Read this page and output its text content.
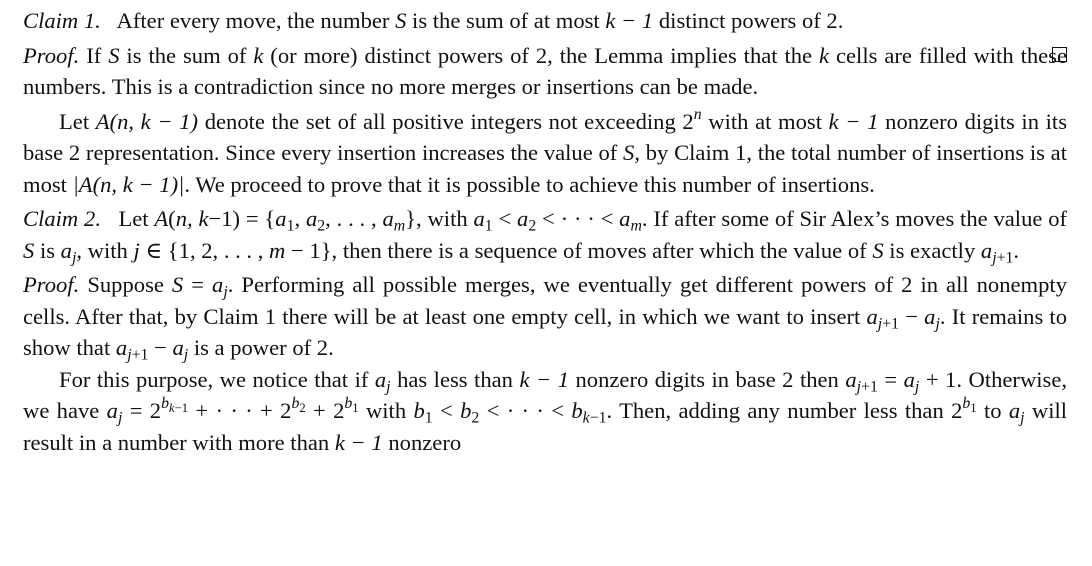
Claim 1. After every move, the number S is the sum of at most k − 1 distinct powers of 2.

Proof. If S is the sum of k (or more) distinct powers of 2, the Lemma implies that the k cells are filled with these numbers. This is a contradiction since no more merges or insertions can be made.

Let A(n, k − 1) denote the set of all positive integers not exceeding 2$^n$ with at most k − 1 nonzero digits in its base 2 representation. Since every insertion increases the value of S, by Claim 1, the total number of insertions is at most |A(n, k − 1)|. We proceed to prove that it is possible to achieve this number of insertions.

Claim 2. Let A(n, $k-1) = \{a_1$, $a_2$, . . . , $a_m$}, with $a_1 < a_2$ < · · · < $a_m$. If after some of Sir Alex’s moves the value of S is $a_j$, with j ∈ {1, 2, . . . , m − 1}, then there is a sequence of moves after which the value of S is exactly $a_{j+1}$.

Proof. Suppose $S = a_j$. Performing all possible merges, we eventually get different powers of 2 in all nonempty cells. After that, by Claim 1 there will be at least one empty cell, in which we want to insert $a_{j+1} - a_j$. It remains to show that $a_{j+1} - a_j$ is a power of 2.

For this purpose, we notice that if $a_j$ has less than k − 1 nonzero digits in base 2 then $a_{j+1} = a_j + 1$. Otherwise, we have $a_j = 2^{b_{k-1}}$ + · · · + $2^{b_2} + 2^{b_1}$ with $b_1 < b_2$ < · · · < $b_{k-1}$. Then, adding any number less than $2^{b_1}$ to $a_j$ will result in a number with more than k − 1 nonzero
